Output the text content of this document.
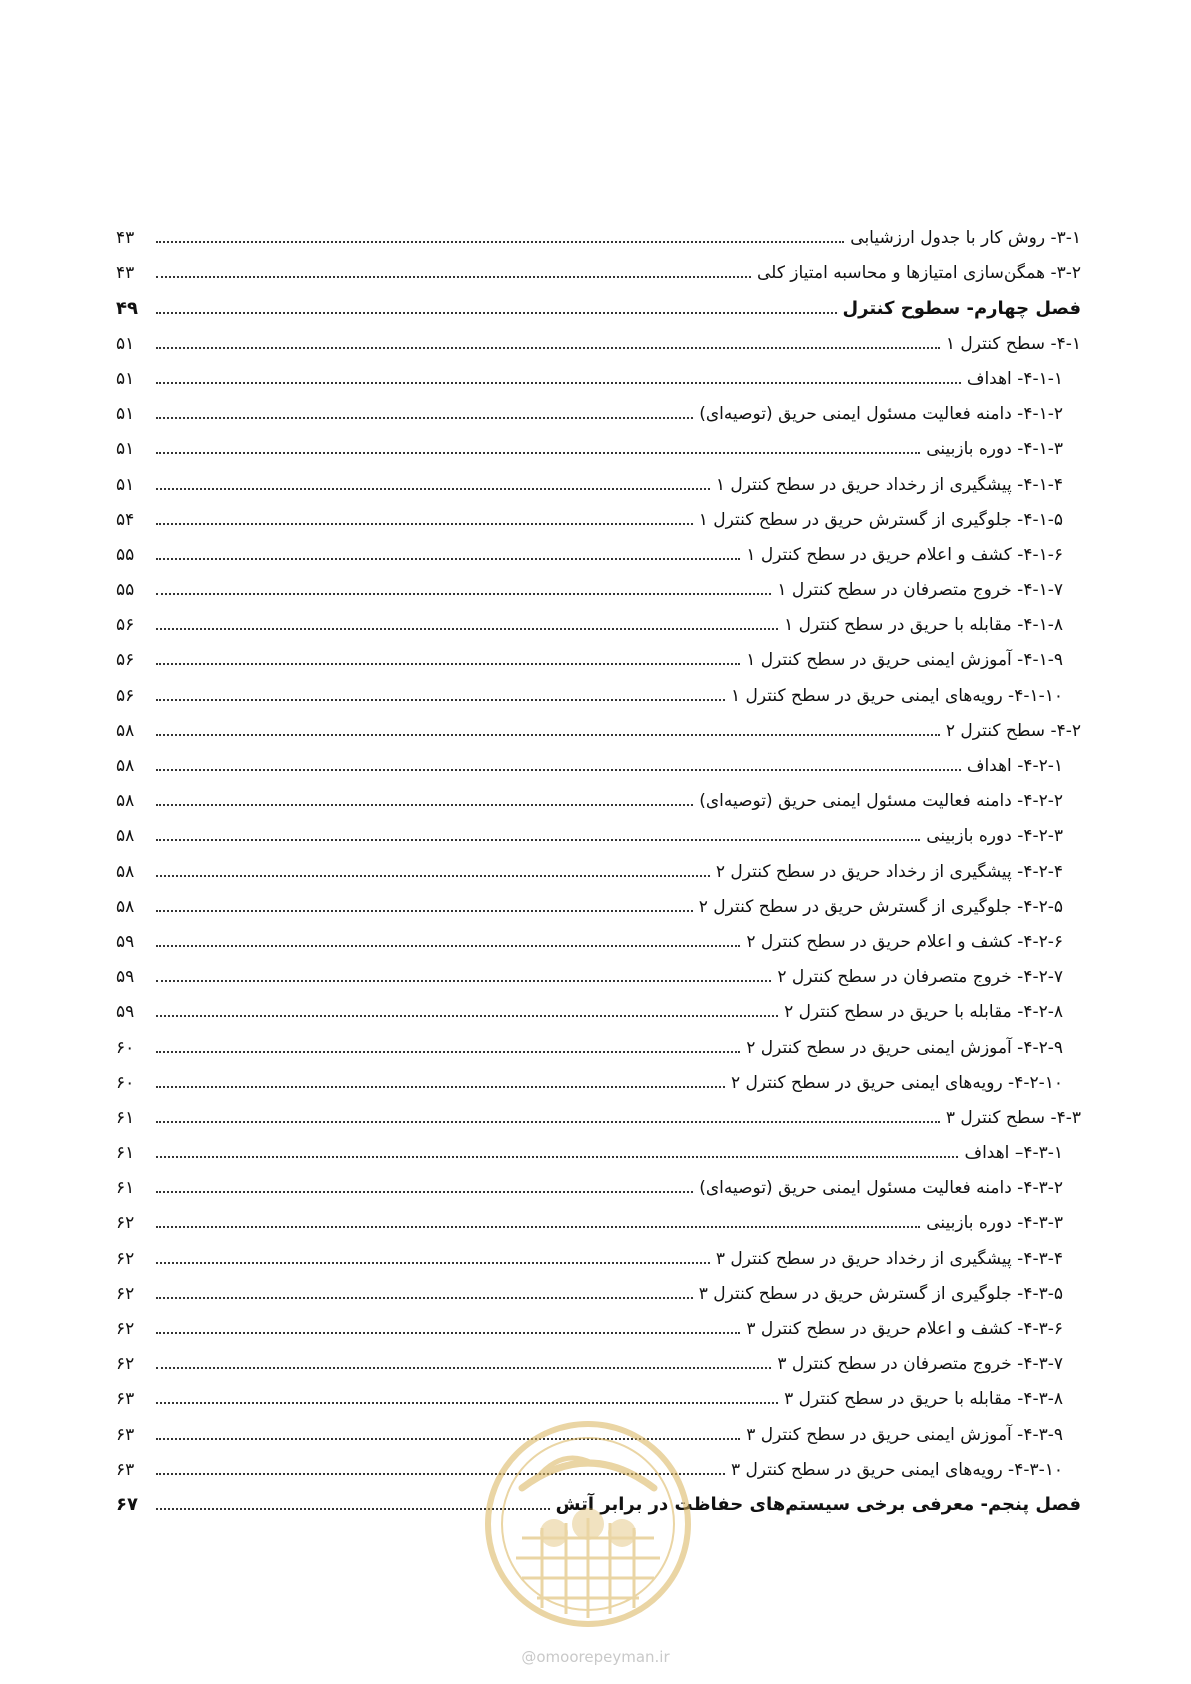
۳-۱- روش کار با جدول ارزشیابی
۴۳
۳-۲- همگن‌سازی امتیازها و محاسبه امتیاز کلی
۴۳
فصل چهارم- سطوح کنترل
۴۹
۴-۱- سطح کنترل ۱
۵۱
۴-۱-۱- اهداف
۵۱
۴-۱-۲- دامنه فعالیت مسئول ایمنی حریق (توصیه‌ای)
۵۱
۴-۱-۳- دوره بازبینی
۵۱
۴-۱-۴- پیشگیری از رخداد حریق در سطح کنترل ۱
۵۱
۴-۱-۵- جلوگیری از گسترش حریق در سطح کنترل ۱
۵۴
۴-۱-۶- کشف و اعلام حریق در سطح کنترل ۱
۵۵
۴-۱-۷- خروج متصرفان در سطح کنترل ۱
۵۵
۴-۱-۸- مقابله با حریق در سطح کنترل ۱
۵۶
۴-۱-۹- آموزش ایمنی حریق در سطح کنترل ۱
۵۶
۴-۱-۱۰- رویه‌های ایمنی حریق در سطح کنترل ۱
۵۶
۴-۲- سطح کنترل ۲
۵۸
۴-۲-۱- اهداف
۵۸
۴-۲-۲- دامنه فعالیت مسئول ایمنی حریق (توصیه‌ای)
۵۸
۴-۲-۳- دوره بازبینی
۵۸
۴-۲-۴- پیشگیری از رخداد حریق در سطح کنترل ۲
۵۸
۴-۲-۵- جلوگیری از گسترش حریق در سطح کنترل ۲
۵۸
۴-۲-۶- کشف و اعلام حریق در سطح کنترل ۲
۵۹
۴-۲-۷- خروج متصرفان در سطح کنترل ۲
۵۹
۴-۲-۸- مقابله با حریق در سطح کنترل ۲
۵۹
۴-۲-۹- آموزش ایمنی حریق در سطح کنترل ۲
۶۰
۴-۲-۱۰- رویه‌های ایمنی حریق در سطح کنترل ۲
۶۰
۴-۳- سطح کنترل ۳
۶۱
۴-۳-۱– اهداف
۶۱
۴-۳-۲- دامنه فعالیت مسئول ایمنی حریق (توصیه‌ای)
۶۱
۴-۳-۳- دوره بازبینی
۶۲
۴-۳-۴- پیشگیری از رخداد حریق در سطح کنترل ۳
۶۲
۴-۳-۵- جلوگیری از گسترش حریق در سطح کنترل ۳
۶۲
۴-۳-۶- کشف و اعلام حریق در سطح کنترل ۳
۶۲
۴-۳-۷- خروج متصرفان در سطح کنترل ۳
۶۲
۴-۳-۸- مقابله با حریق در سطح کنترل ۳
۶۳
۴-۳-۹- آموزش ایمنی حریق در سطح کنترل ۳
۶۳
۴-۳-۱۰- رویه‌های ایمنی حریق در سطح کنترل ۳
۶۳
فصل پنجم- معرفی برخی سیستم‌های حفاظت در برابر آتش
۶۷
@omoorepeyman.ir
